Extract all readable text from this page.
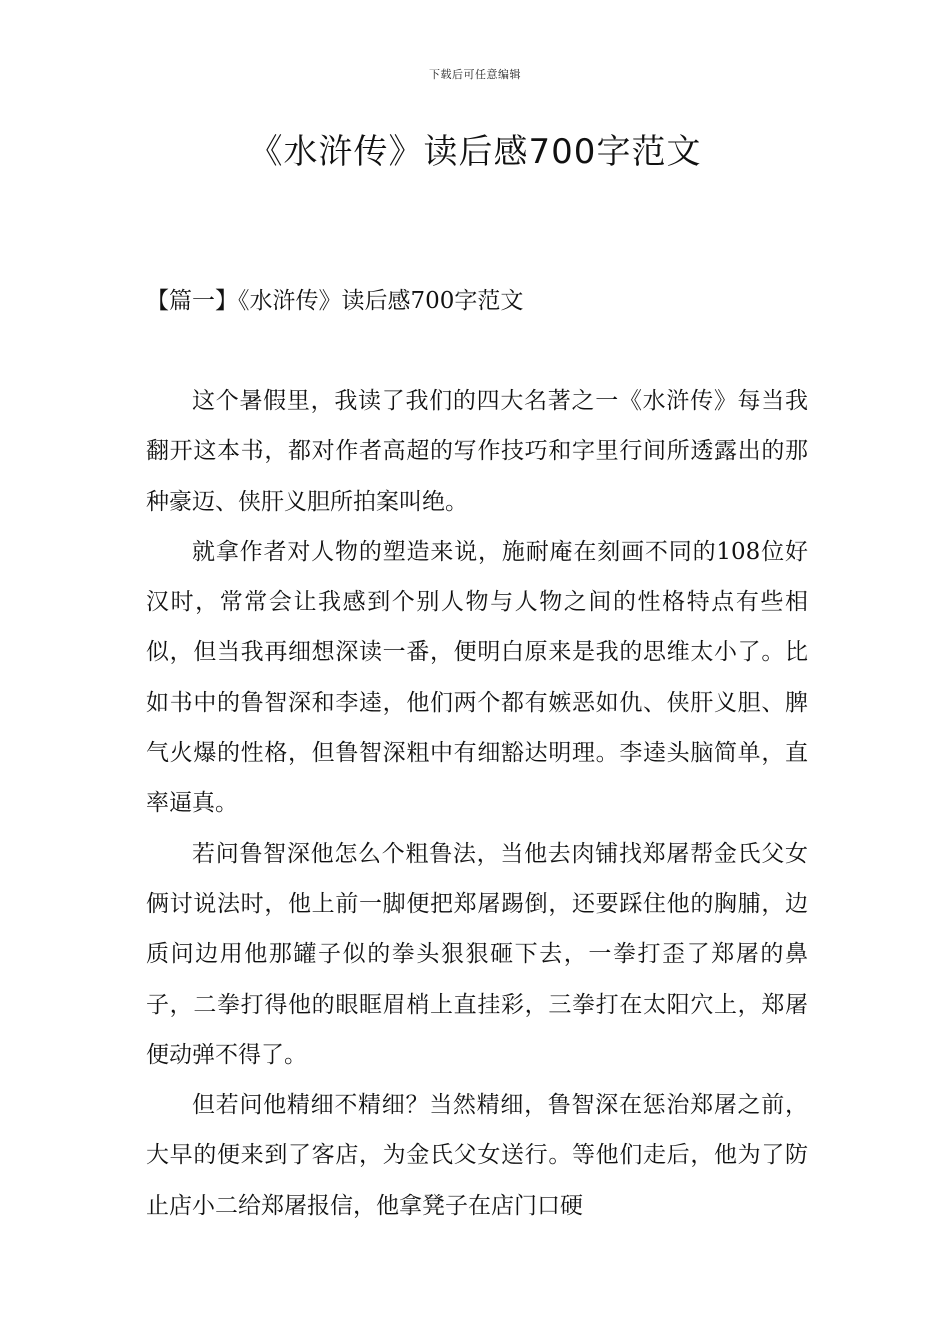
下载后可任意编辑
《水浒传》读后感700字范文
【篇一】《水浒传》读后感700字范文

这个暑假里，我读了我们的四大名著之一《水浒传》每当我翻开这本书，都对作者高超的写作技巧和字里行间所透露出的那种豪迈、侠肝义胆所拍案叫绝。

就拿作者对人物的塑造来说，施耐庵在刻画不同的108位好汉时，常常会让我感到个别人物与人物之间的性格特点有些相似，但当我再细想深读一番，便明白原来是我的思维太小了。比如书中的鲁智深和李逵，他们两个都有嫉恶如仇、侠肝义胆、脾气火爆的性格，但鲁智深粗中有细豁达明理。李逵头脑简单，直率逼真。

若问鲁智深他怎么个粗鲁法，当他去肉铺找郑屠帮金氏父女俩讨说法时，他上前一脚便把郑屠踢倒，还要踩住他的胸脯，边质问边用他那罐子似的拳头狠狠砸下去，一拳打歪了郑屠的鼻子，二拳打得他的眼眶眉梢上直挂彩，三拳打在太阳穴上，郑屠便动弹不得了。

但若问他精细不精细？当然精细，鲁智深在惩治郑屠之前，大早的便来到了客店，为金氏父女送行。等他们走后，他为了防止店小二给郑屠报信，他拿凳子在店门口硬
